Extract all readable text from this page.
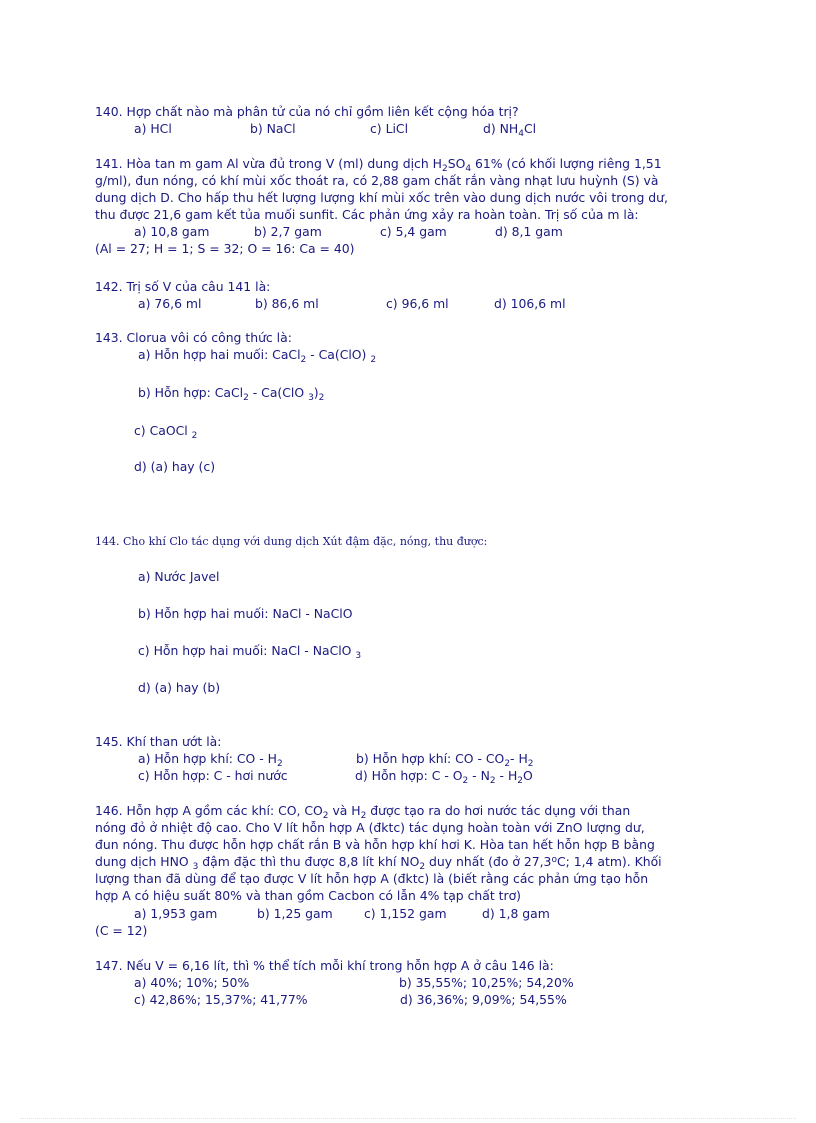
140. Hợp chất nào mà phân tử của nó chỉ gồm liên kết cộng hóa trị?
a) HCl	b) NaCl	c) LiCl	d) $NH_4Cl$
141. Hòa tan m gam Al vừa đủ trong V (ml) dung dịch $H_2SO_4$ 61% (có khối lượng riêng 1,51
g/ml), đun nóng, có khí mùi xốc thoát ra, có 2,88 gam chất rắn vàng nhạt lưu huỳnh (S) và
dung dịch D. Cho hấp thu hết lượng lượng khí mùi xốc trên vào dung dịch nước vôi trong dư,
thu được 21,6 gam kết tủa muối sunfit. Các phản ứng xảy ra hoàn toàn. Trị số của m là:
a) 10,8 gam	b) 2,7 gam	c) 5,4 gam	d) 8,1 gam
(Al = 27; H = 1; S = 32; O = 16: Ca = 40)
142. Trị số V của câu 141 là:
a) 76,6 ml	b) 86,6 ml	c) 96,6 ml	d) 106,6 ml
143. Clorua vôi có công thức là:
a) Hỗn hợp hai muối: CaCl$_2$ - Ca(ClO) $_2$
b) Hỗn hợp: CaCl$_2$ - Ca(ClO $_3)_2$
c) CaOCl $_2$
d) (a) hay (c)
144. Cho khí Clo tác dụng với dung dịch Xút đậm đặc, nóng, thu được:
a) Nước Javel
b) Hỗn hợp hai muối: NaCl - NaClO
c) Hỗn hợp hai muối: NaCl - NaClO $_3$
d) (a) hay (b)
145. Khí than ướt là:
a) Hỗn hợp khí: CO - $H_2$	b) Hỗn hợp khí: CO - $CO_2-$ $H_2$
c) Hỗn hợp: C - hơi nước	d) Hỗn hợp: C - $O_2 - N_2 - H_2O$
146. Hỗn hợp A gồm các khí: CO, $CO_2$ và $H_2$ được tạo ra do hơi nước tác dụng với than
nóng đỏ ở nhiệt độ cao. Cho V lít hỗn hợp A (đktc) tác dụng hoàn toàn với ZnO lượng dư,
đun nóng. Thu được hỗn hợp chất rắn B và hỗn hợp khí hơi K. Hòa tan hết hỗn hợp B bằng
dung dịch HNO $_3$ đậm đặc thì thu được 8,8 lít khí $NO_2$ duy nhất (đo ở 27,3$^o$C; 1,4 atm). Khối
lượng than đã dùng để tạo được V lít hỗn hợp A (đktc) là (biết rằng các phản ứng tạo hỗn
hợp A có hiệu suất 80% và than gồm Cacbon có lẫn 4% tạp chất trơ)
a) 1,953 gam	b) 1,25 gam	c) 1,152 gam	d) 1,8 gam
(C = 12)
147. Nếu V = 6,16 lít, thì % thể tích mỗi khí trong hỗn hợp A ở câu 146 là:
a) 40%; 10%; 50%	b) 35,55%; 10,25%; 54,20%
c) 42,86%; 15,37%; 41,77%	d) 36,36%; 9,09%; 54,55%
